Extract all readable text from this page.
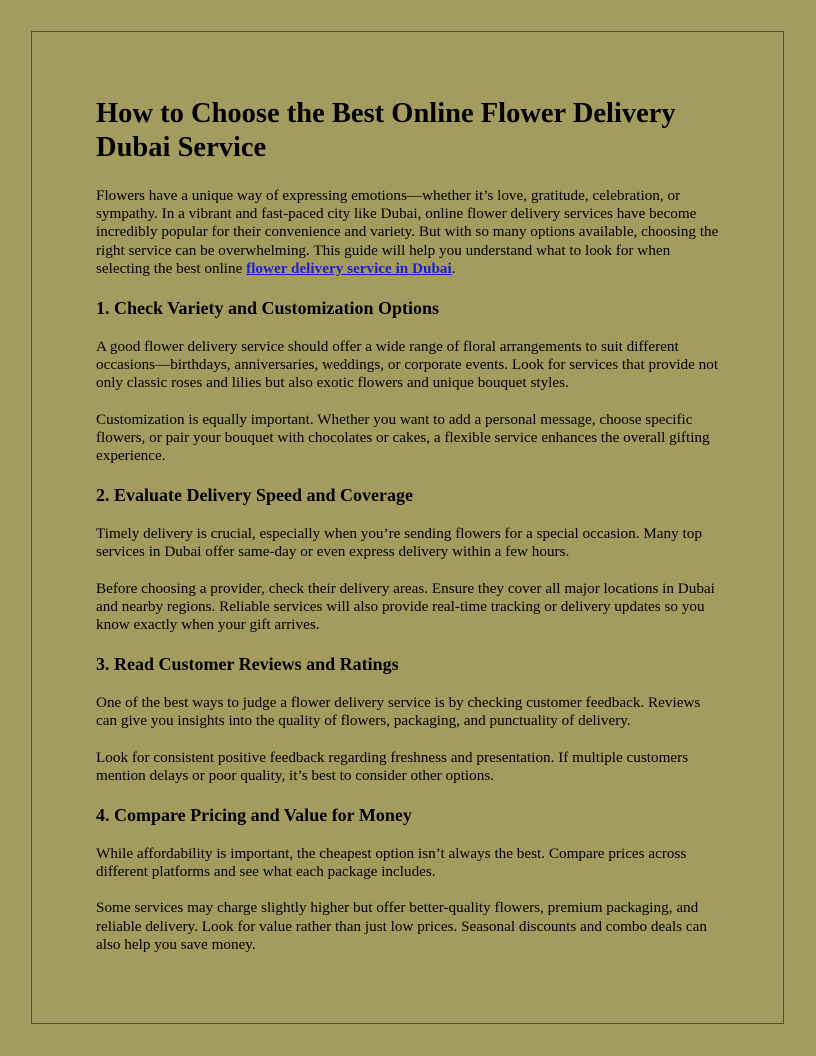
How to Choose the Best Online Flower Delivery Dubai Service

Flowers have a unique way of expressing emotions—whether it’s love, gratitude, celebration, or sympathy. In a vibrant and fast-paced city like Dubai, online flower delivery services have become incredibly popular for their convenience and variety. But with so many options available, choosing the right service can be overwhelming. This guide will help you understand what to look for when selecting the best online flower delivery service in Dubai.

1. Check Variety and Customization Options

A good flower delivery service should offer a wide range of floral arrangements to suit different occasions—birthdays, anniversaries, weddings, or corporate events. Look for services that provide not only classic roses and lilies but also exotic flowers and unique bouquet styles.

Customization is equally important. Whether you want to add a personal message, choose specific flowers, or pair your bouquet with chocolates or cakes, a flexible service enhances the overall gifting experience.

2. Evaluate Delivery Speed and Coverage

Timely delivery is crucial, especially when you’re sending flowers for a special occasion. Many top services in Dubai offer same-day or even express delivery within a few hours.

Before choosing a provider, check their delivery areas. Ensure they cover all major locations in Dubai and nearby regions. Reliable services will also provide real-time tracking or delivery updates so you know exactly when your gift arrives.

3. Read Customer Reviews and Ratings

One of the best ways to judge a flower delivery service is by checking customer feedback. Reviews can give you insights into the quality of flowers, packaging, and punctuality of delivery.

Look for consistent positive feedback regarding freshness and presentation. If multiple customers mention delays or poor quality, it’s best to consider other options.

4. Compare Pricing and Value for Money

While affordability is important, the cheapest option isn’t always the best. Compare prices across different platforms and see what each package includes.

Some services may charge slightly higher but offer better-quality flowers, premium packaging, and reliable delivery. Look for value rather than just low prices. Seasonal discounts and combo deals can also help you save money.
